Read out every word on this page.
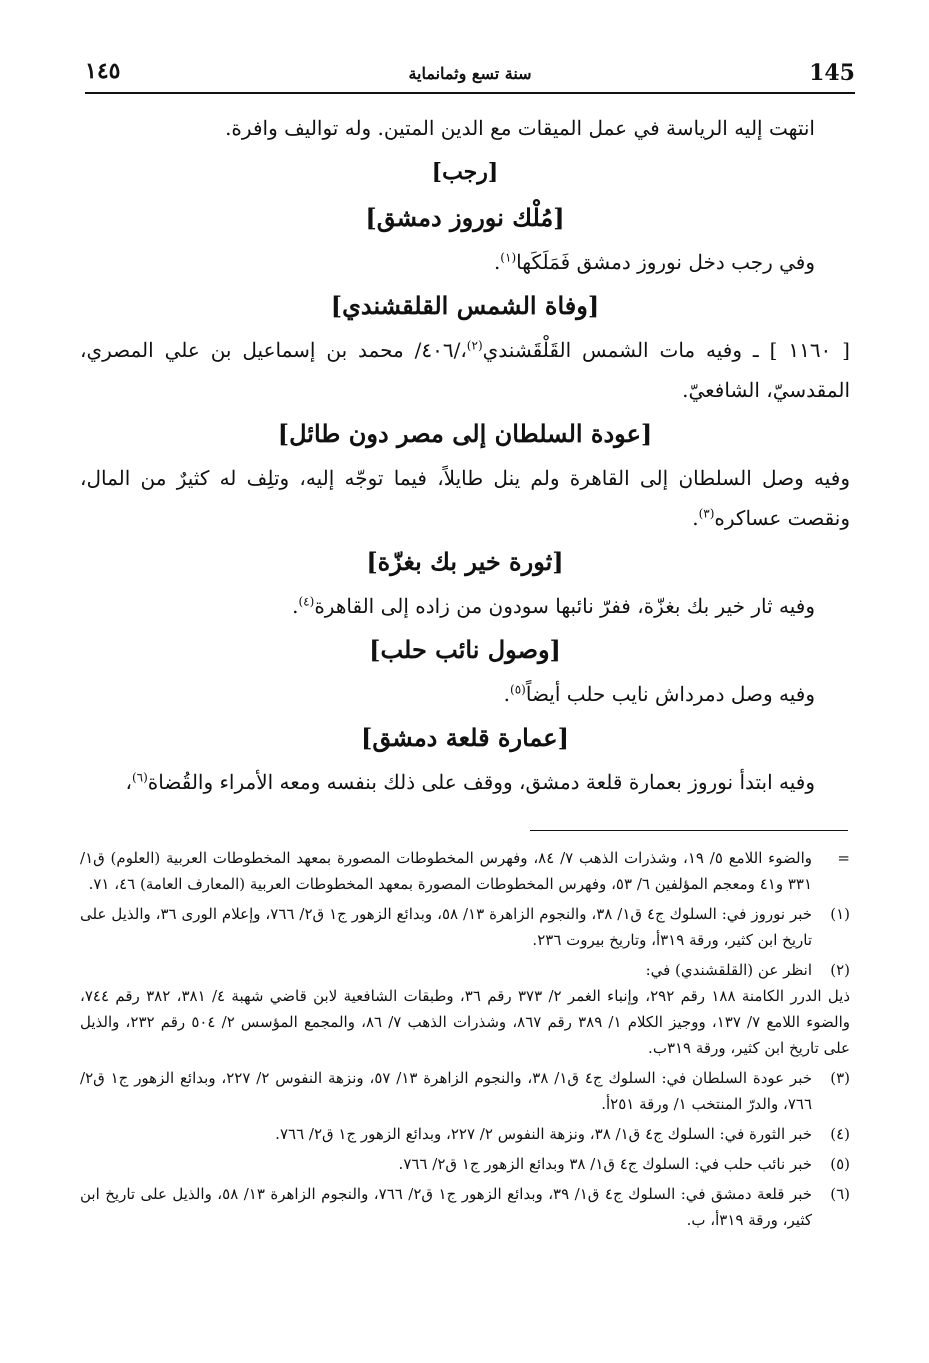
145
سنة تسع وثمانماية
١٤٥

انتهت إليه الرياسة في عمل الميقات مع الدين المتين. وله تواليف وافرة.

[رجب]
[مُلْك نوروز دمشق]

وفي رجب دخل نوروز دمشق فَمَلَكَها$^{(١)}$.

[وفاة الشمس القلقشندي]

[ ١١٦٠ ] ـ وفيه مات الشمس القَلْقَشندي$^{(٢)}$،/٤٠٦/ محمد بن إسماعيل بن علي المصري، المقدسيّ، الشافعيّ.

[عودة السلطان إلى مصر دون طائل]

وفيه وصل السلطان إلى القاهرة ولم ينل طايلاً، فيما توجّه إليه، وتلِف له كثيرٌ من المال، ونقصت عساكره$^{(٣)}$.

[ثورة خير بك بغزّة]

وفيه ثار خير بك بغزّة، ففرّ نائبها سودون من زاده إلى القاهرة$^{(٤)}$.

[وصول نائب حلب]

وفيه وصل دمرداش نايب حلب أيضاً$^{(٥)}$.

[عمارة قلعة دمشق]

وفيه ابتدأ نوروز بعمارة قلعة دمشق، ووقف على ذلك بنفسه ومعه الأمراء والقُضاة$^{(٦)}$،

=
والضوء اللامع ٥/ ١٩، وشذرات الذهب ٧/ ٨٤، وفهرس المخطوطات المصورة بمعهد المخطوطات العربية (العلوم) ق١/ ٣٣١ و٤١ ومعجم المؤلفين ٦/ ٥٣، وفهرس المخطوطات المصورة بمعهد المخطوطات العربية (المعارف العامة) ٤٦، ٧١.
(١)
خبر نوروز في: السلوك ج٤ ق١/ ٣٨، والنجوم الزاهرة ١٣/ ٥٨، وبدائع الزهور ج١ ق٢/ ٧٦٦، وإعلام الورى ٣٦، والذيل على تاريخ ابن كثير، ورقة ٣١٩أ، وتاريخ بيروت ٢٣٦.
(٢)
انظر عن (القلقشندي) في:
ذيل الدرر الكامنة ١٨٨ رقم ٢٩٢، وإنباء الغمر ٢/ ٣٧٣ رقم ٣٦، وطبقات الشافعية لابن قاضي شهبة ٤/ ٣٨١، ٣٨٢ رقم ٧٤٤، والضوء اللامع ٧/ ١٣٧، ووجيز الكلام ١/ ٣٨٩ رقم ٨٦٧، وشذرات الذهب ٧/ ٨٦، والمجمع المؤسس ٢/ ٥٠٤ رقم ٢٣٢، والذيل على تاريخ ابن كثير، ورقة ٣١٩ب.
(٣)
خبر عودة السلطان في: السلوك ج٤ ق١/ ٣٨، والنجوم الزاهرة ١٣/ ٥٧، ونزهة النفوس ٢/ ٢٢٧، وبدائع الزهور ج١ ق٢/ ٧٦٦، والدرّ المنتخب ١/ ورقة ٢٥١أ.
(٤)
خبر الثورة في: السلوك ج٤ ق١/ ٣٨، ونزهة النفوس ٢/ ٢٢٧، وبدائع الزهور ج١ ق٢/ ٧٦٦.
(٥)
خبر نائب حلب في: السلوك ج٤ ق١/ ٣٨ وبدائع الزهور ج١ ق٢/ ٧٦٦.
(٦)
خبر قلعة دمشق في: السلوك ج٤ ق١/ ٣٩، وبدائع الزهور ج١ ق٢/ ٧٦٦، والنجوم الزاهرة ١٣/ ٥٨، والذيل على تاريخ ابن كثير، ورقة ٣١٩أ، ب.
